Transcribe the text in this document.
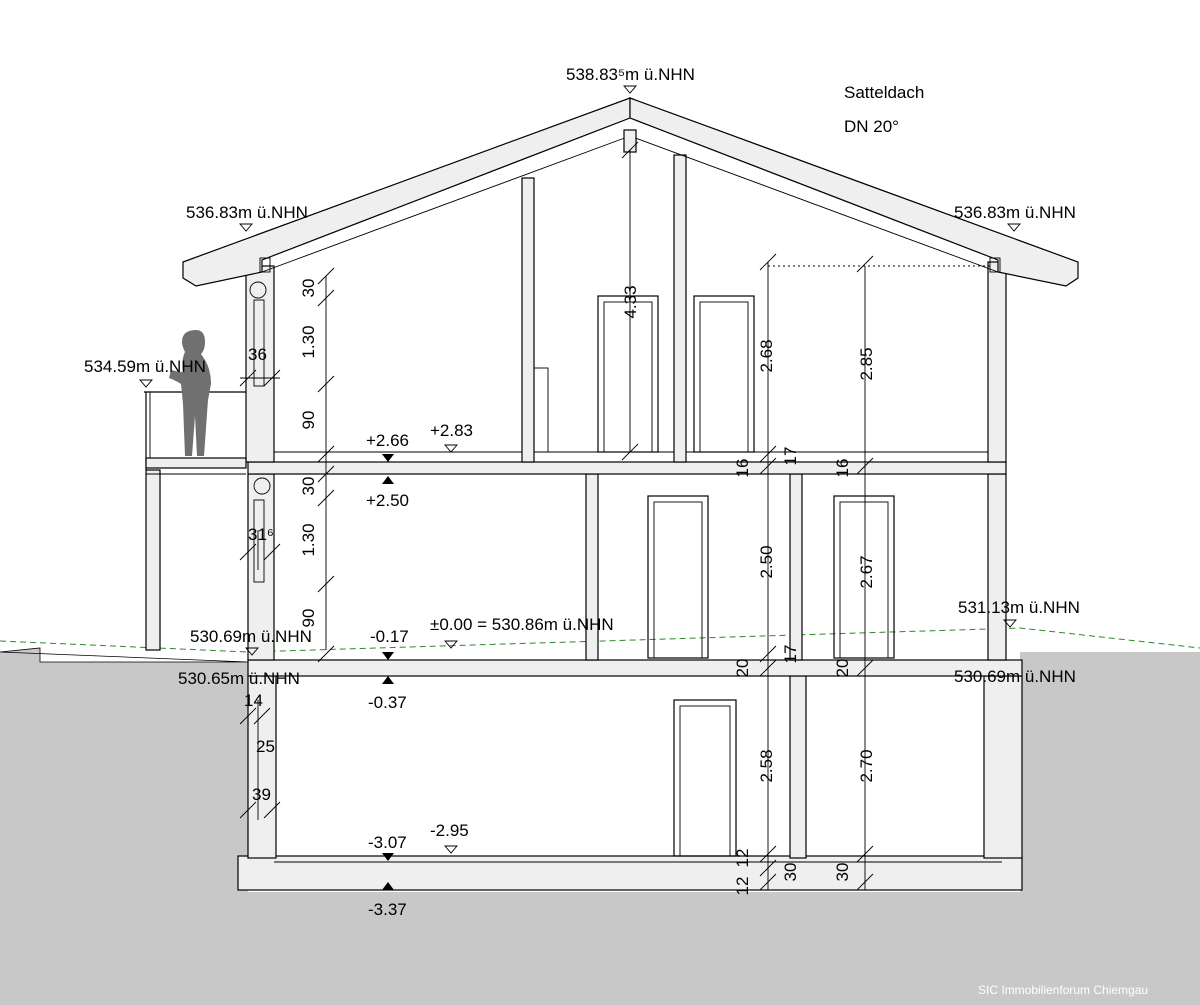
Satteldach
DN 20°
538.83⁵m ü.NHN
536.83m ü.NHN	536.83m ü.NHN
534.59m ü.NHN
530.69m ü.NHN
530.65m ü.NHN
531.13m ü.NHN
530.69m ü.NHN
±0.00 = 530.86m ü.NHN
+2.66
+2.83
+2.50
-0.17
-0.37
-3.07
-2.95
-3.37
30
1.30
90
30
1.30
90
36
31⁶
14
25
39
4.33
2.68	2.85
16
17
16
2.50	2.67
20
17
20
2.58	2.70
12
12
30 30
SIC Immobilienforum Chiemgau
